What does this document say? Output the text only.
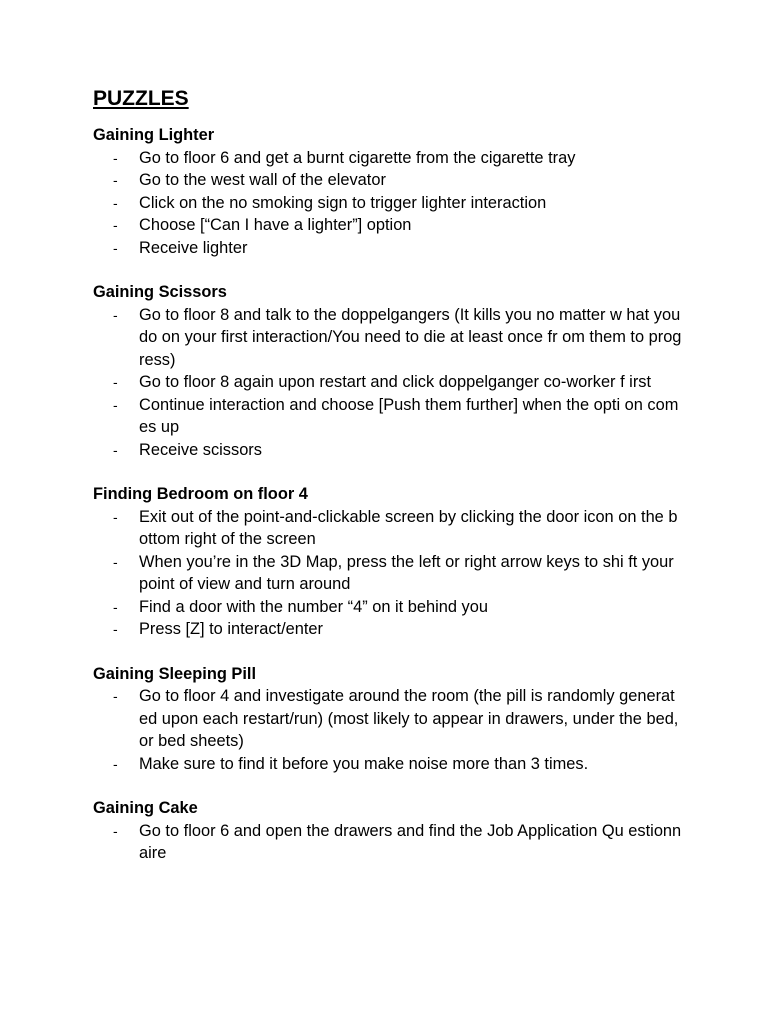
PUZZLES
Gaining Lighter
-	Go to floor 6 and get a burnt cigarette from the cigarette tray
-	Go to the west wall of the elevator
-	Click on the no smoking sign to trigger lighter interaction
-	Choose [“Can I have a lighter”] option
-	Receive lighter
Gaining Scissors
-	Go to floor 8 and talk to the doppelgangers (It kills you no matter w hat you do on your first interaction/You need to die at least once fr om them to progress)
-	Go to floor 8 again upon restart and click doppelganger co-worker f irst
-	Continue interaction and choose [Push them further] when the opti on comes up
-	Receive scissors
Finding Bedroom on floor 4
-	Exit out of the point-and-clickable screen by clicking the door icon on the bottom right of the screen
-	When you’re in the 3D Map, press the left or right arrow keys to shi ft your point of view and turn around
-	Find a door with the number “4” on it behind you
-	Press [Z] to interact/enter
Gaining Sleeping Pill
-	Go to floor 4 and investigate around the room (the pill is randomly generated upon each restart/run) (most likely to appear in drawers, under the bed, or bed sheets)
-	Make sure to find it before you make noise more than 3 times.
Gaining Cake
-	Go to floor 6 and open the drawers and find the Job Application Qu estionnaire
